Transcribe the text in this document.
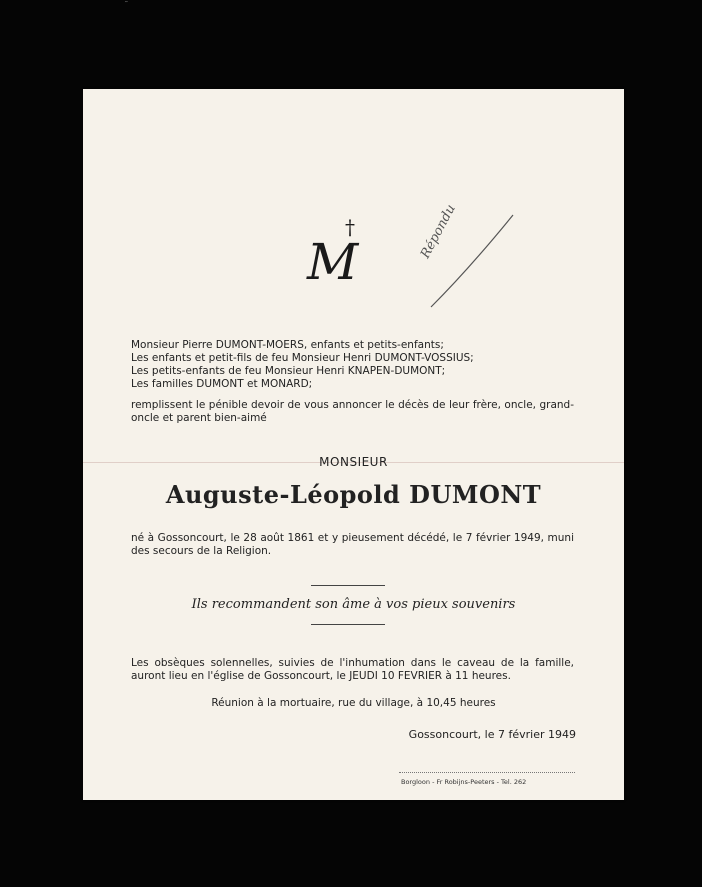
˜
†
M
Répondu
Monsieur Pierre DUMONT-MOERS, enfants et petits-enfants;
Les enfants et petit-fils de feu Monsieur Henri DUMONT-VOSSIUS;
Les petits-enfants de feu Monsieur Henri KNAPEN-DUMONT;
Les familles DUMONT et MONARD;
remplissent le pénible devoir de vous annoncer le décès de leur frère, oncle, grand-oncle et parent bien-aimé
MONSIEUR
Auguste-Léopold DUMONT
né à Gossoncourt, le 28 août 1861 et y pieusement décédé, le 7 février 1949, muni des secours de la Religion.
Ils recommandent son âme à vos pieux souvenirs
Les obsèques solennelles, suivies de l'inhumation dans le caveau de la famille, auront lieu en l'église de Gossoncourt, le JEUDI 10 FEVRIER à 11 heures.
Réunion à la mortuaire, rue du village, à 10,45 heures
Gossoncourt, le 7 février 1949
Borgloon - Fr Robijns-Peeters - Tel. 262
